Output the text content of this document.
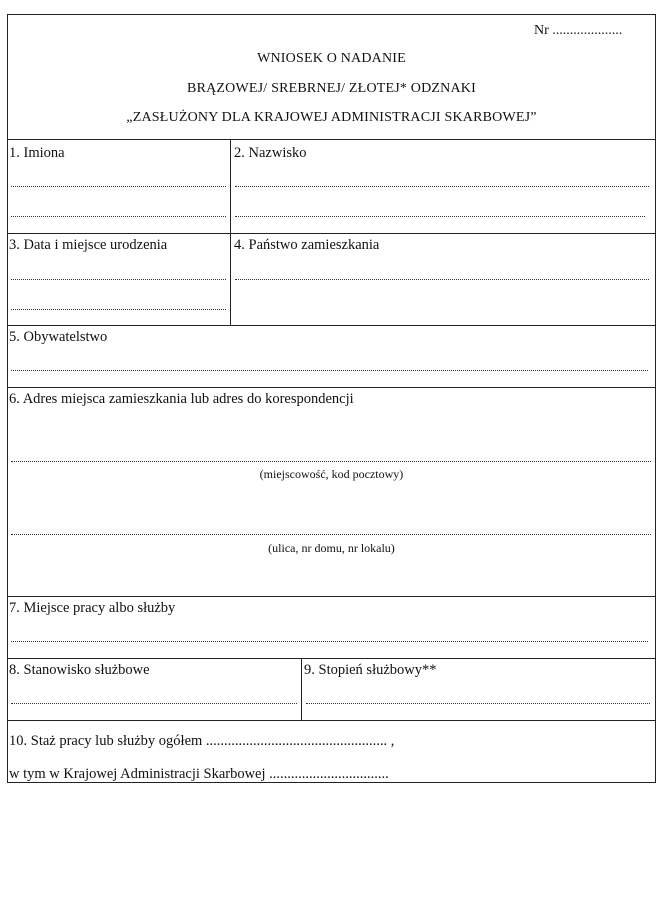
Nr ....................
WNIOSEK O NADANIE
BRĄZOWEJ/ SREBRNEJ/ ZŁOTEJ* ODZNAKI
„ZASŁUŻONY DLA KRAJOWEJ ADMINISTRACJI SKARBOWEJ”
1. Imiona	2. Nazwisko
3. Data i miejsce urodzenia	4. Państwo zamieszkania
5. Obywatelstwo
6. Adres miejsca zamieszkania lub adres do korespondencji
(miejscowość, kod pocztowy)
(ulica, nr domu, nr lokalu)
7. Miejsce pracy albo służby
8. Stanowisko służbowe	9. Stopień służbowy**
10. Staż pracy lub służby ogółem .................................................. ,
w tym w Krajowej Administracji Skarbowej .................................
